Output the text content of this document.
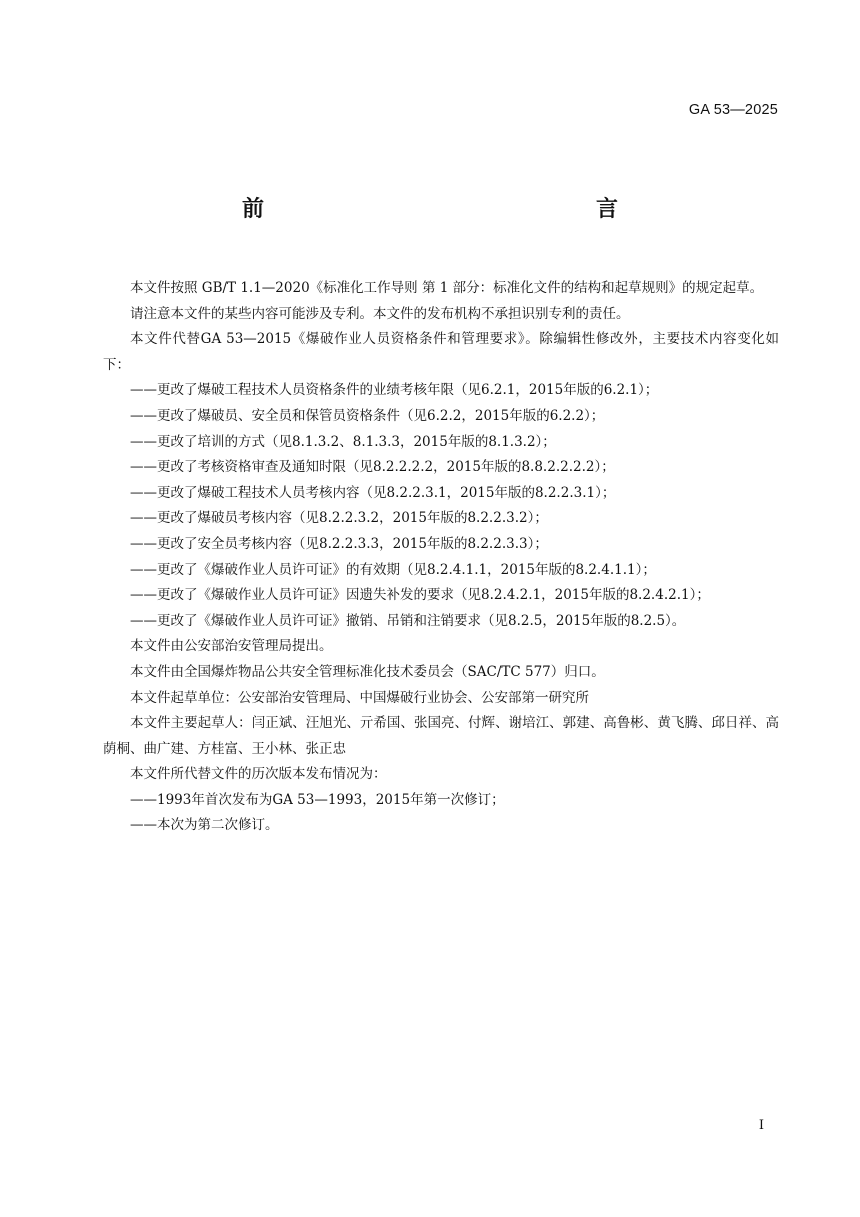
GA 53—2025
前　　言

本文件按照 GB/T 1.1—2020《标准化工作导则 第 1 部分：标准化文件的结构和起草规则》的规定起草。

请注意本文件的某些内容可能涉及专利。本文件的发布机构不承担识别专利的责任。

本文件代替GA 53—2015《爆破作业人员资格条件和管理要求》。除编辑性修改外，主要技术内容变化如下：

——更改了爆破工程技术人员资格条件的业绩考核年限（见6.2.1，2015年版的6.2.1）；

——更改了爆破员、安全员和保管员资格条件（见6.2.2，2015年版的6.2.2）；

——更改了培训的方式（见8.1.3.2、8.1.3.3，2015年版的8.1.3.2）；

——更改了考核资格审查及通知时限（见8.2.2.2.2，2015年版的8.8.2.2.2.2）；

——更改了爆破工程技术人员考核内容（见8.2.2.3.1，2015年版的8.2.2.3.1）；

——更改了爆破员考核内容（见8.2.2.3.2，2015年版的8.2.2.3.2）；

——更改了安全员考核内容（见8.2.2.3.3，2015年版的8.2.2.3.3）；

——更改了《爆破作业人员许可证》的有效期（见8.2.4.1.1，2015年版的8.2.4.1.1）；

——更改了《爆破作业人员许可证》因遗失补发的要求（见8.2.4.2.1，2015年版的8.2.4.2.1）；

——更改了《爆破作业人员许可证》撤销、吊销和注销要求（见8.2.5，2015年版的8.2.5）。

本文件由公安部治安管理局提出。

本文件由全国爆炸物品公共安全管理标准化技术委员会（SAC/TC 577）归口。

本文件起草单位：公安部治安管理局、中国爆破行业协会、公安部第一研究所

本文件主要起草人：闫正斌、汪旭光、亓希国、张国亮、付辉、谢培江、郭建、高鲁彬、黄飞腾、邱日祥、高荫桐、曲广建、方桂富、王小林、张正忠

本文件所代替文件的历次版本发布情况为：

——1993年首次发布为GA 53—1993，2015年第一次修订；

——本次为第二次修订。

I
